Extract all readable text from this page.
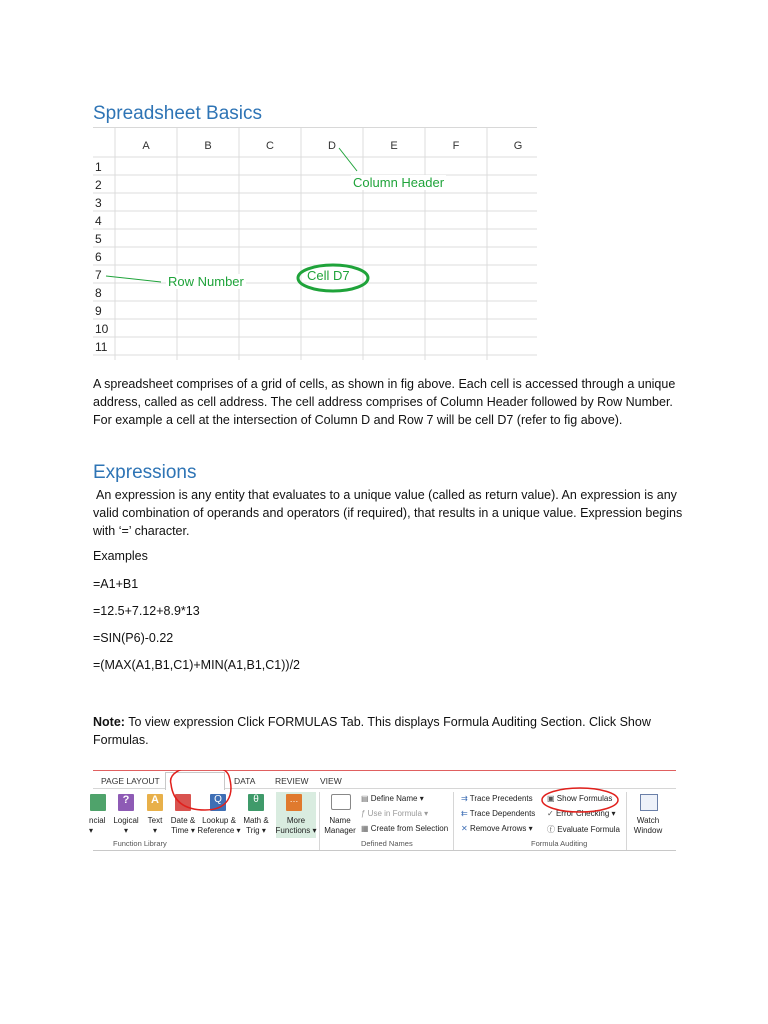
Spreadsheet Basics
A	B	C	D	E	F	G
1
2
3
4
5
6
7
8
9
10
11
Column Header
Row Number	Cell D7
A spreadsheet comprises of a grid of cells, as shown in fig above. Each cell is accessed through a unique address, called as cell address. The cell address comprises of Column Header followed by Row Number. For example a cell at the intersection of Column D and Row 7 will be cell D7 (refer to fig above).
Expressions
An expression is any entity that evaluates to a unique value (called as return value). An expression is any valid combination of operands and operators (if required), that results in a unique value. Expression begins with ‘=’ character.
Examples
=A1+B1
=12.5+7.12+8.9*13
=SIN(P6)-0.22
=(MAX(A1,B1,C1)+MIN(A1,B1,C1))/2
Note: To view expression Click FORMULAS Tab. This displays Formula Auditing Section. Click Show Formulas.
PAGE LAYOUT	DATA REVIEW VIEW
?	A	Q	θ	…
ncial
▾
Logical
▾
Text
▾
Date &
Time ▾
Lookup &
Reference ▾
Math &
Trig ▾
More
Functions ▾
Function Library
Name
Manager
▤ Define Name ▾
ƒ Use in Formula ▾
▦ Create from Selection
Defined Names
⇉ Trace Precedents
⇇ Trace Dependents
✕ Remove Arrows ▾
▣ Show Formulas
✓ Error Checking ▾
ⓕ Evaluate Formula
Formula Auditing
Watch
Window
